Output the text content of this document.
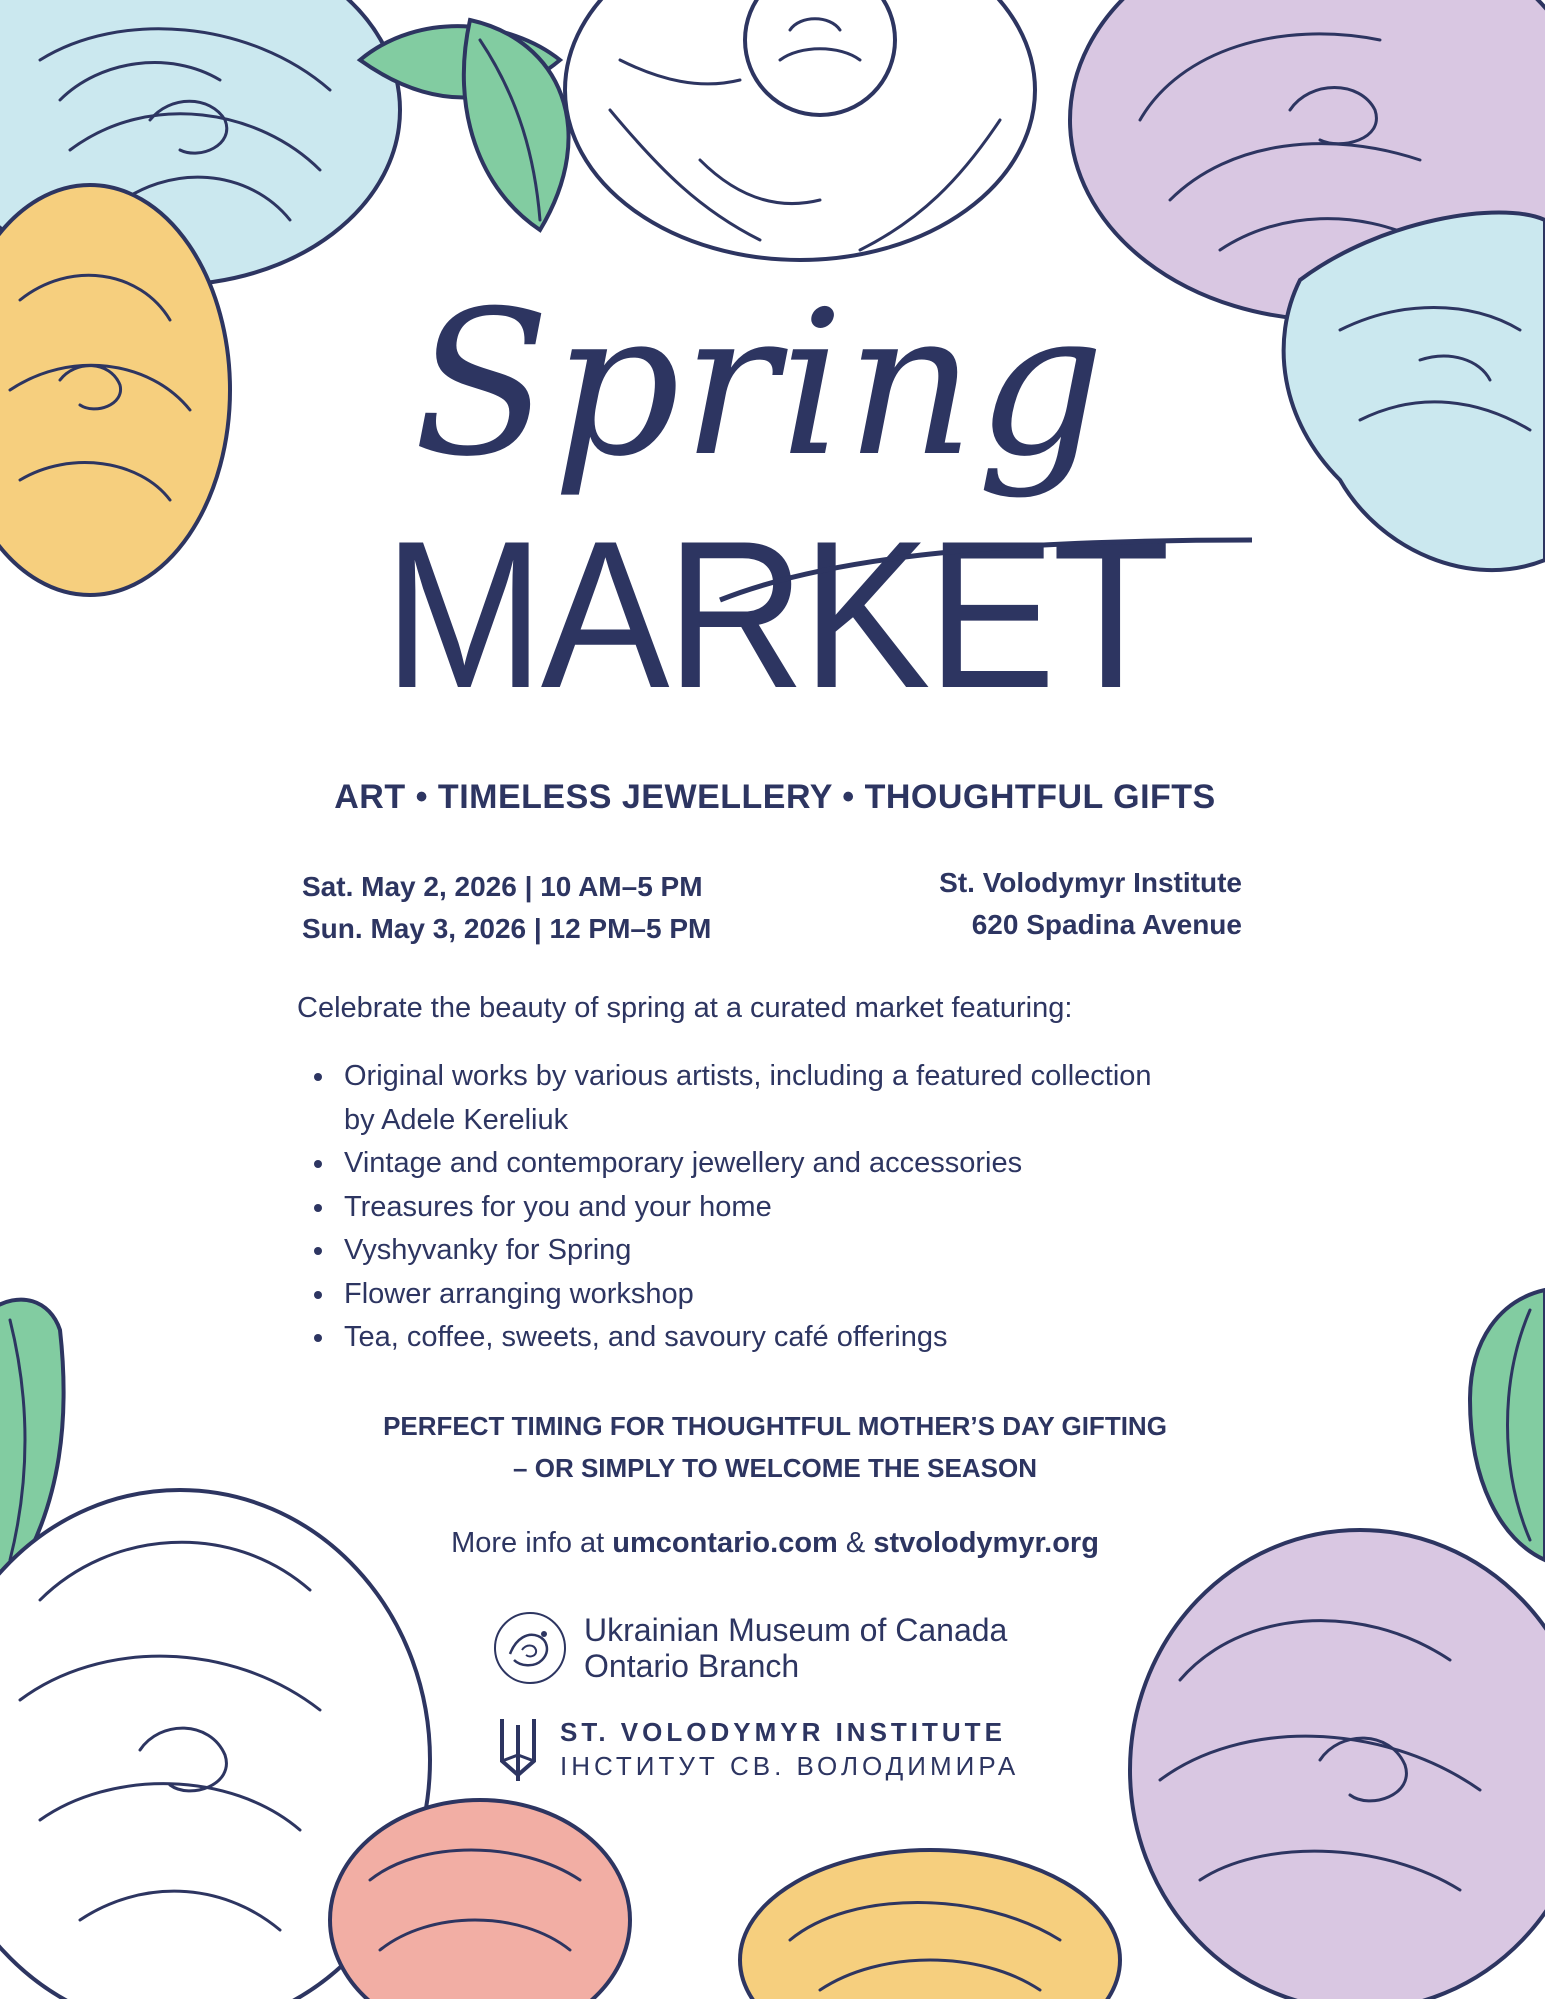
Spring
MARKET
ART • TIMELESS JEWELLERY • THOUGHTFUL GIFTS
Sat. May 2, 2026 | 10 AM–5 PM
Sun. May 3, 2026 | 12 PM–5 PM
St. Volodymyr Institute
620 Spadina Avenue
Celebrate the beauty of spring at a curated market featuring:
Original works by various artists, including a featured collection by Adele Kereliuk
Vintage and contemporary jewellery and accessories
Treasures for you and your home
Vyshyvanky for Spring
Flower arranging workshop
Tea, coffee, sweets, and savoury café offerings
PERFECT TIMING FOR THOUGHTFUL MOTHER’S DAY GIFTING
– OR SIMPLY TO WELCOME THE SEASON
More info at umcontario.com & stvolodymyr.org
Ukrainian Museum of Canada
Ontario Branch
ST. VOLODYMYR INSTITUTE
ІНСТИТУТ СВ. ВОЛОДИМИРА
